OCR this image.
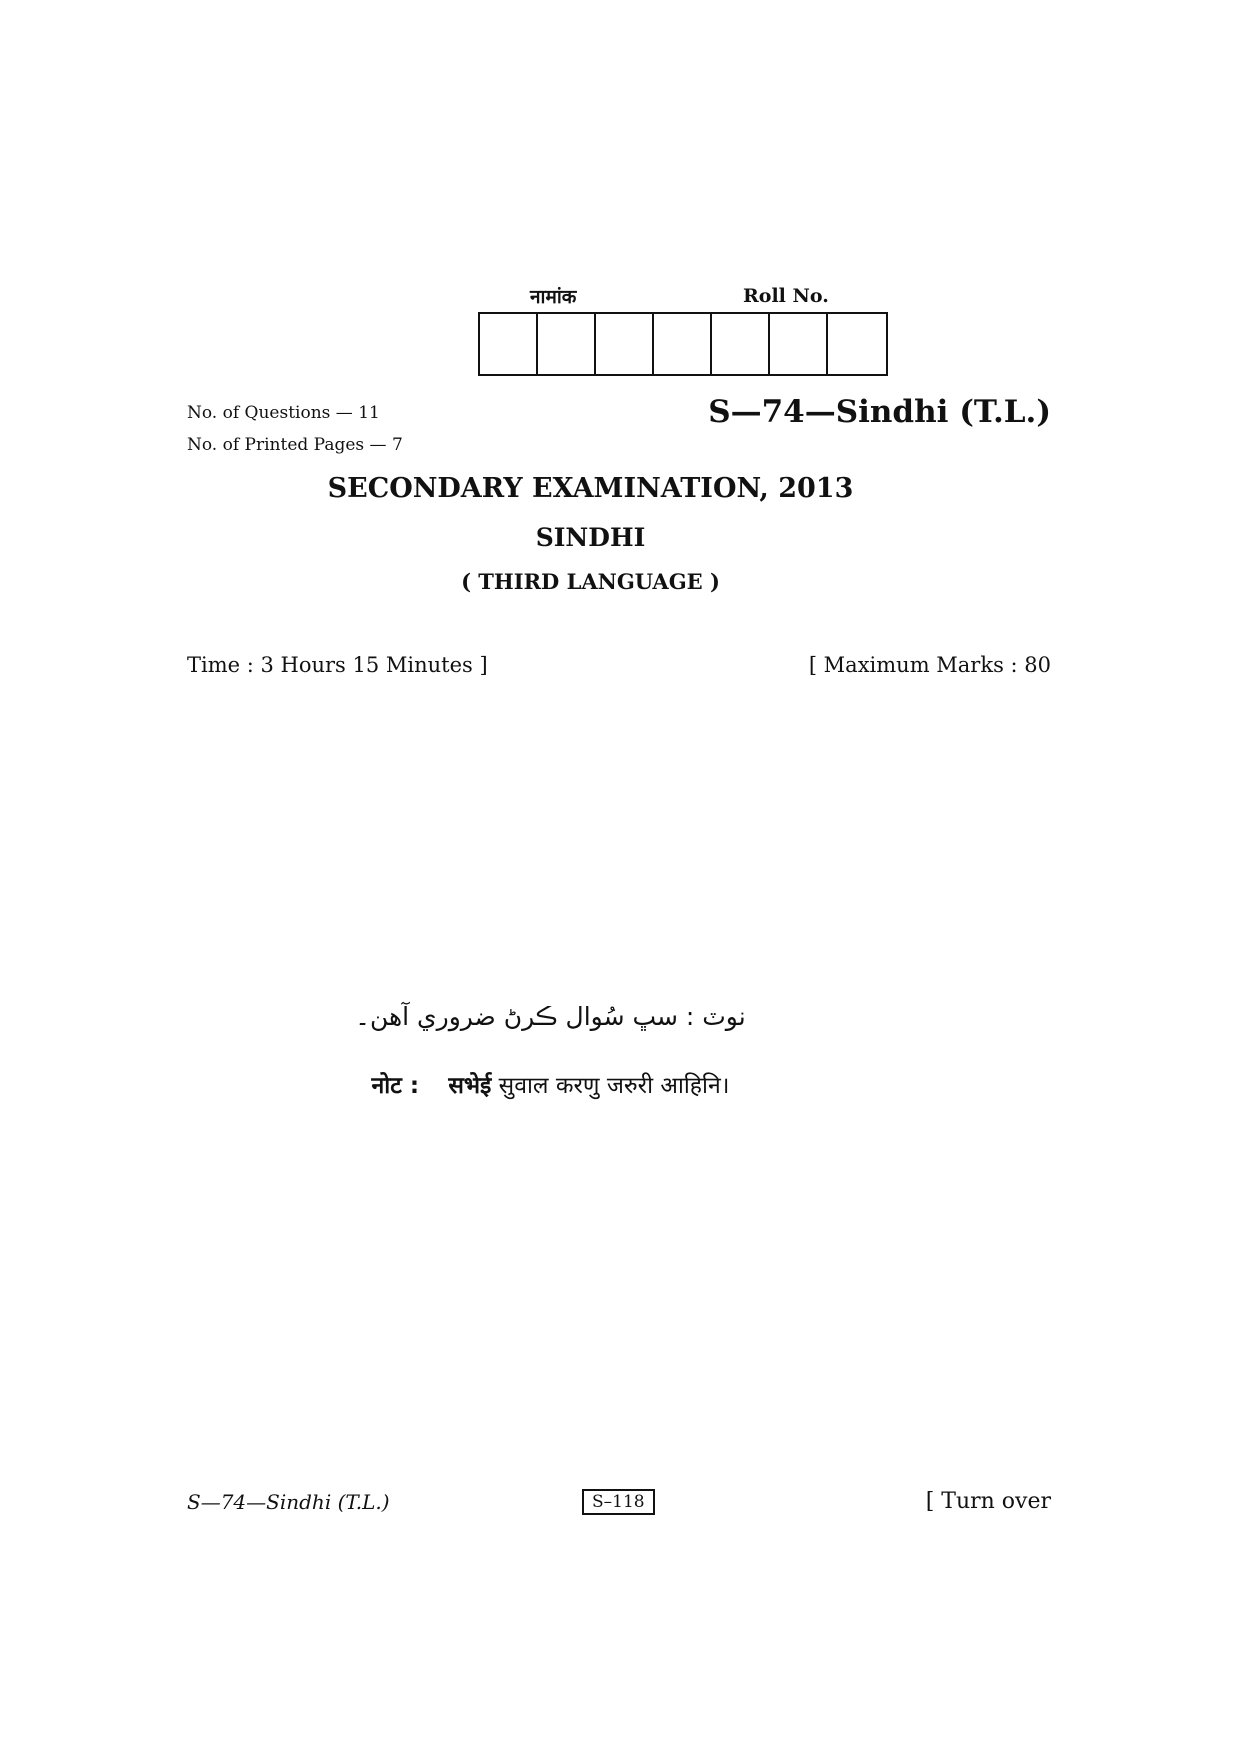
नामांक	Roll No.
No. of Questions — 11
No. of Printed Pages — 7
S—74—Sindhi (T.L.)
SECONDARY EXAMINATION, 2013
SINDHI
( THIRD LANGUAGE )
Time : 3 Hours 15 Minutes ]	[ Maximum Marks : 80
نوٽ : سڀ سُوال ڪرڻ ضروري آهن۔
नोट : सभेई सुवाल करणु जरुरी आहिनि।
S—74—Sindhi (T.L.)	S–118	[ Turn over
